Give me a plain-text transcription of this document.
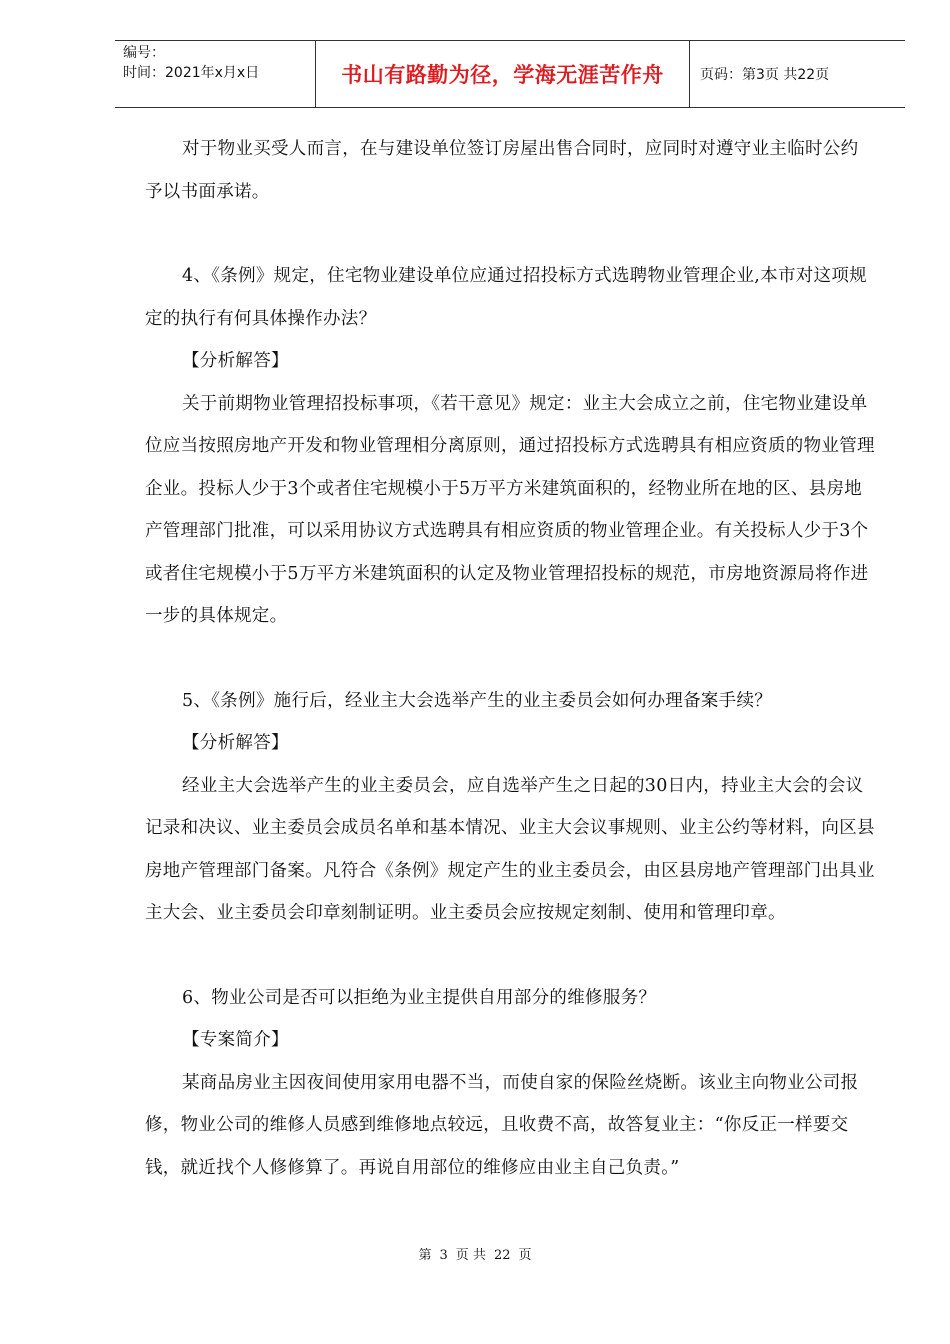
编号：
时间：2021年x月x日	书山有路勤为径，学海无涯苦作舟	页码：第3页 共22页

对于物业买受人而言，在与建设单位签订房屋出售合同时，应同时对遵守业主临时公约予以书面承诺。

4、《条例》规定，住宅物业建设单位应通过招投标方式选聘物业管理企业,本市对这项规定的执行有何具体操作办法？

【分析解答】

关于前期物业管理招投标事项，《若干意见》规定：业主大会成立之前，住宅物业建设单位应当按照房地产开发和物业管理相分离原则，通过招投标方式选聘具有相应资质的物业管理企业。投标人少于3个或者住宅规模小于5万平方米建筑面积的，经物业所在地的区、县房地产管理部门批准，可以采用协议方式选聘具有相应资质的物业管理企业。有关投标人少于3个或者住宅规模小于5万平方米建筑面积的认定及物业管理招投标的规范，市房地资源局将作进一步的具体规定。

5、《条例》施行后，经业主大会选举产生的业主委员会如何办理备案手续？

【分析解答】

经业主大会选举产生的业主委员会，应自选举产生之日起的30日内，持业主大会的会议记录和决议、业主委员会成员名单和基本情况、业主大会议事规则、业主公约等材料，向区县房地产管理部门备案。凡符合《条例》规定产生的业主委员会，由区县房地产管理部门出具业主大会、业主委员会印章刻制证明。业主委员会应按规定刻制、使用和管理印章。

6、物业公司是否可以拒绝为业主提供自用部分的维修服务？

【专案简介】

某商品房业主因夜间使用家用电器不当，而使自家的保险丝烧断。该业主向物业公司报修，物业公司的维修人员感到维修地点较远，且收费不高，故答复业主：“你反正一样要交钱，就近找个人修修算了。再说自用部位的维修应由业主自己负责。”

第 3 页 共 22 页
